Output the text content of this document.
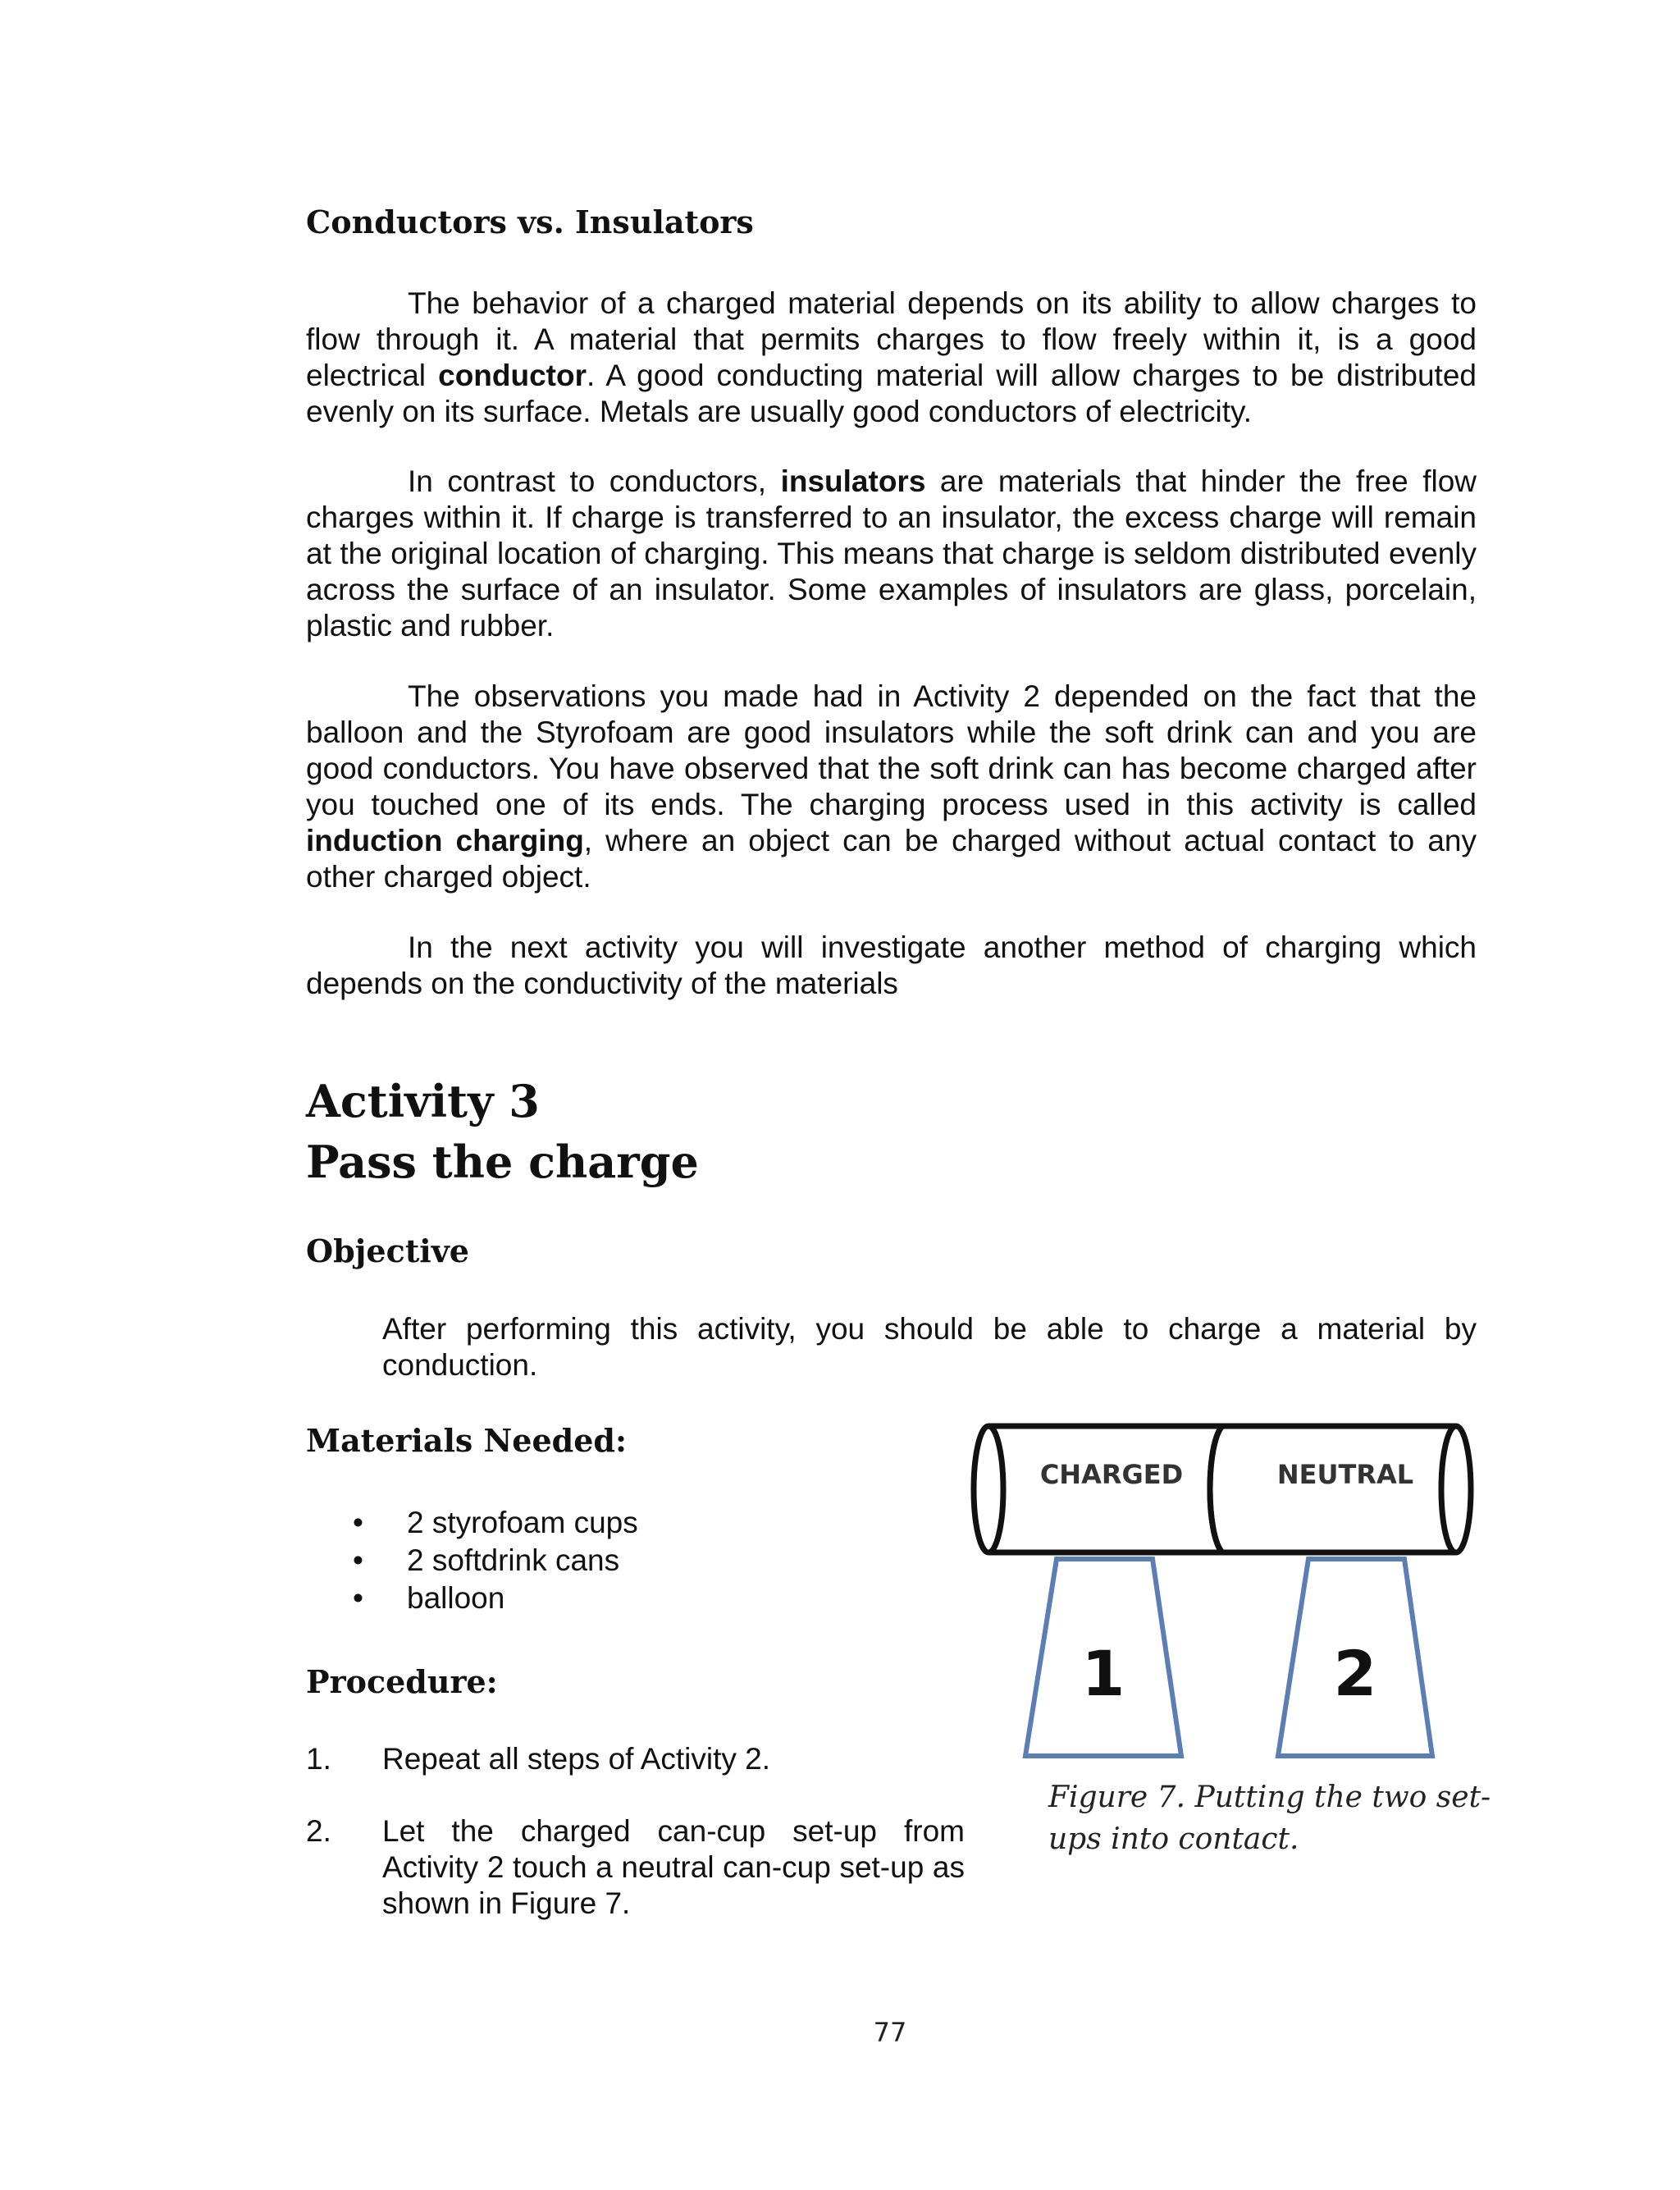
Conductors vs. Insulators

The behavior of a charged material depends on its ability to allow charges to flow through it. A material that permits charges to flow freely within it, is a good electrical conductor. A good conducting material will allow charges to be distributed evenly on its surface. Metals are usually good conductors of electricity.

In contrast to conductors, insulators are materials that hinder the free flow charges within it. If charge is transferred to an insulator, the excess charge will remain at the original location of charging. This means that charge is seldom distributed evenly across the surface of an insulator. Some examples of insulators are glass, porcelain, plastic and rubber.

The observations you made had in Activity 2 depended on the fact that the balloon and the Styrofoam are good insulators while the soft drink can and you are good conductors. You have observed that the soft drink can has become charged after you touched one of its ends. The charging process used in this activity is called induction charging, where an object can be charged without actual contact to any other charged object.

In the next activity you will investigate another method of charging which depends on the conductivity of the materials

Activity 3
Pass the charge
Objective

After performing this activity, you should be able to charge a material by conduction.

Materials Needed:
• 2 styrofoam cups
• 2 softdrink cans
• balloon
Procedure:
1. Repeat all steps of Activity 2.

2. Let the charged can-cup set-up from Activity 2 touch a neutral can-cup set-up as shown in Figure 7.

CHARGED	NEUTRAL
1	2

Figure 7. Putting the two set-ups into contact.

77
